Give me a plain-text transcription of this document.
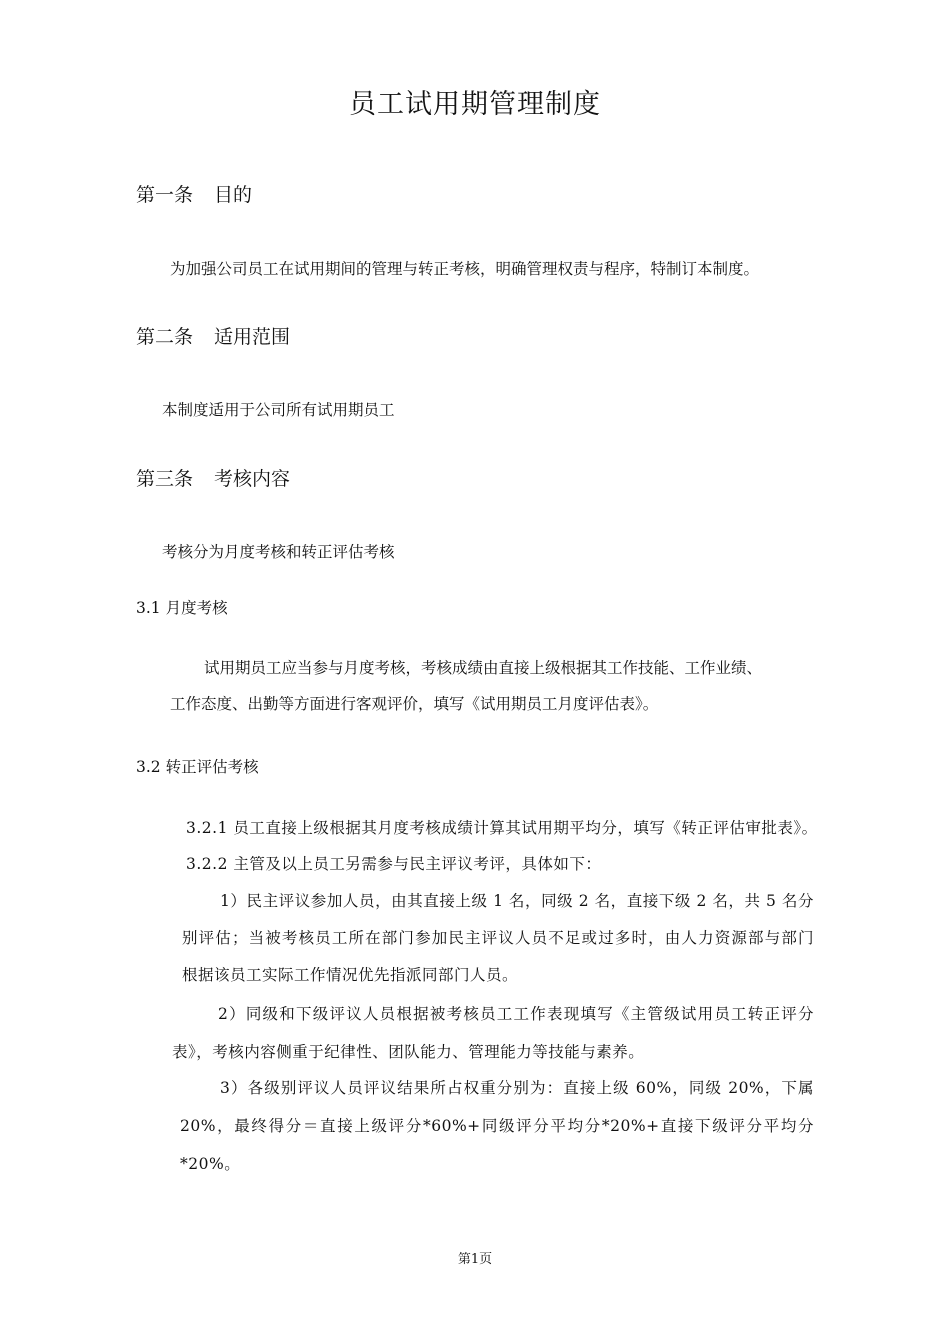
员工试用期管理制度
第一条 目的
为加强公司员工在试用期间的管理与转正考核，明确管理权责与程序，特制订本制度。
第二条 适用范围
本制度适用于公司所有试用期员工
第三条 考核内容
考核分为月度考核和转正评估考核
3.1 月度考核
试用期员工应当参与月度考核，考核成绩由直接上级根据其工作技能、工作业绩、
工作态度、出勤等方面进行客观评价，填写《试用期员工月度评估表》。
3.2 转正评估考核
3.2.1 员工直接上级根据其月度考核成绩计算其试用期平均分，填写《转正评估审批表》。
3.2.2 主管及以上员工另需参与民主评议考评，具体如下：
1）民主评议参加人员，由其直接上级 1 名，同级 2 名，直接下级 2 名，共 5 名分
别评估；当被考核员工所在部门参加民主评议人员不足或过多时，由人力资源部与部门
根据该员工实际工作情况优先指派同部门人员。
2）同级和下级评议人员根据被考核员工工作表现填写《主管级试用员工转正评分
表》，考核内容侧重于纪律性、团队能力、管理能力等技能与素养。
3）各级别评议人员评议结果所占权重分别为：直接上级 60%，同级 20%，下属
20%，最终得分＝直接上级评分*60%+同级评分平均分*20%+直接下级评分平均分
*20%。
第1页
